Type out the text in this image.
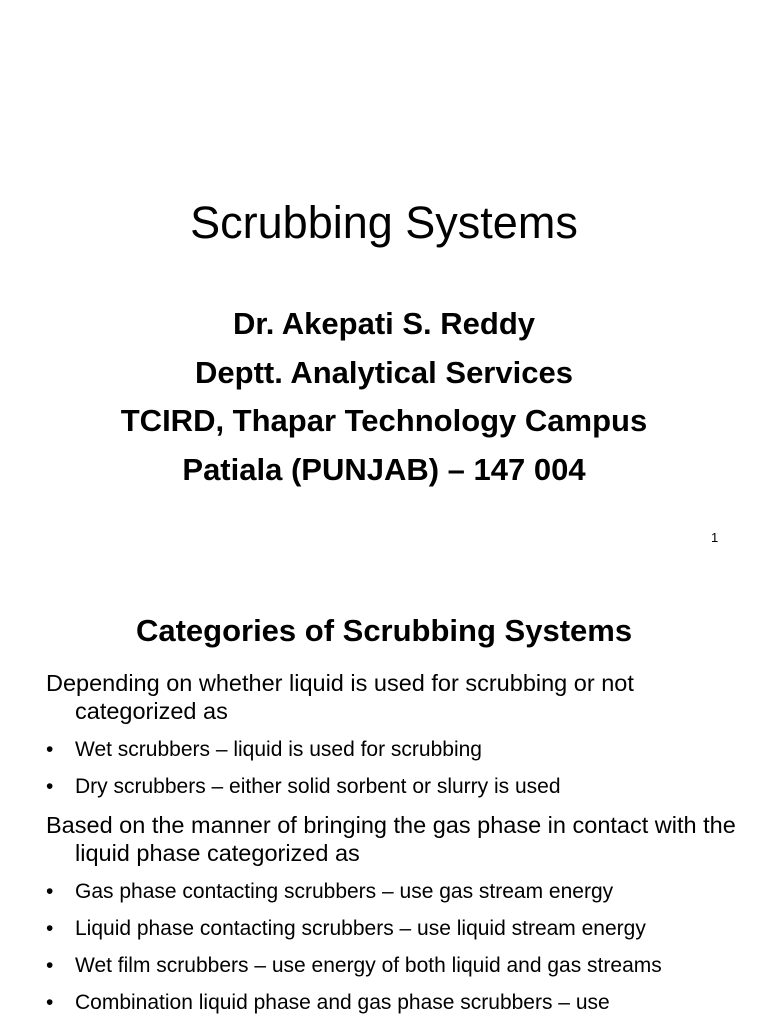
Scrubbing Systems
Dr. Akepati S. Reddy
Deptt. Analytical Services
TCIRD, Thapar Technology Campus
Patiala (PUNJAB) – 147 004
1
Categories of Scrubbing Systems

Depending on whether liquid is used for scrubbing or not categorized as

• Wet scrubbers – liquid is used for scrubbing
• Dry scrubbers – either solid sorbent or slurry is used

Based on the manner of bringing the gas phase in contact with the liquid phase categorized as

• Gas phase contacting scrubbers – use gas stream energy
• Liquid phase contacting scrubbers – use liquid stream energy
• Wet film scrubbers – use energy of both liquid and gas streams
• Combination liquid phase and gas phase scrubbers – use
